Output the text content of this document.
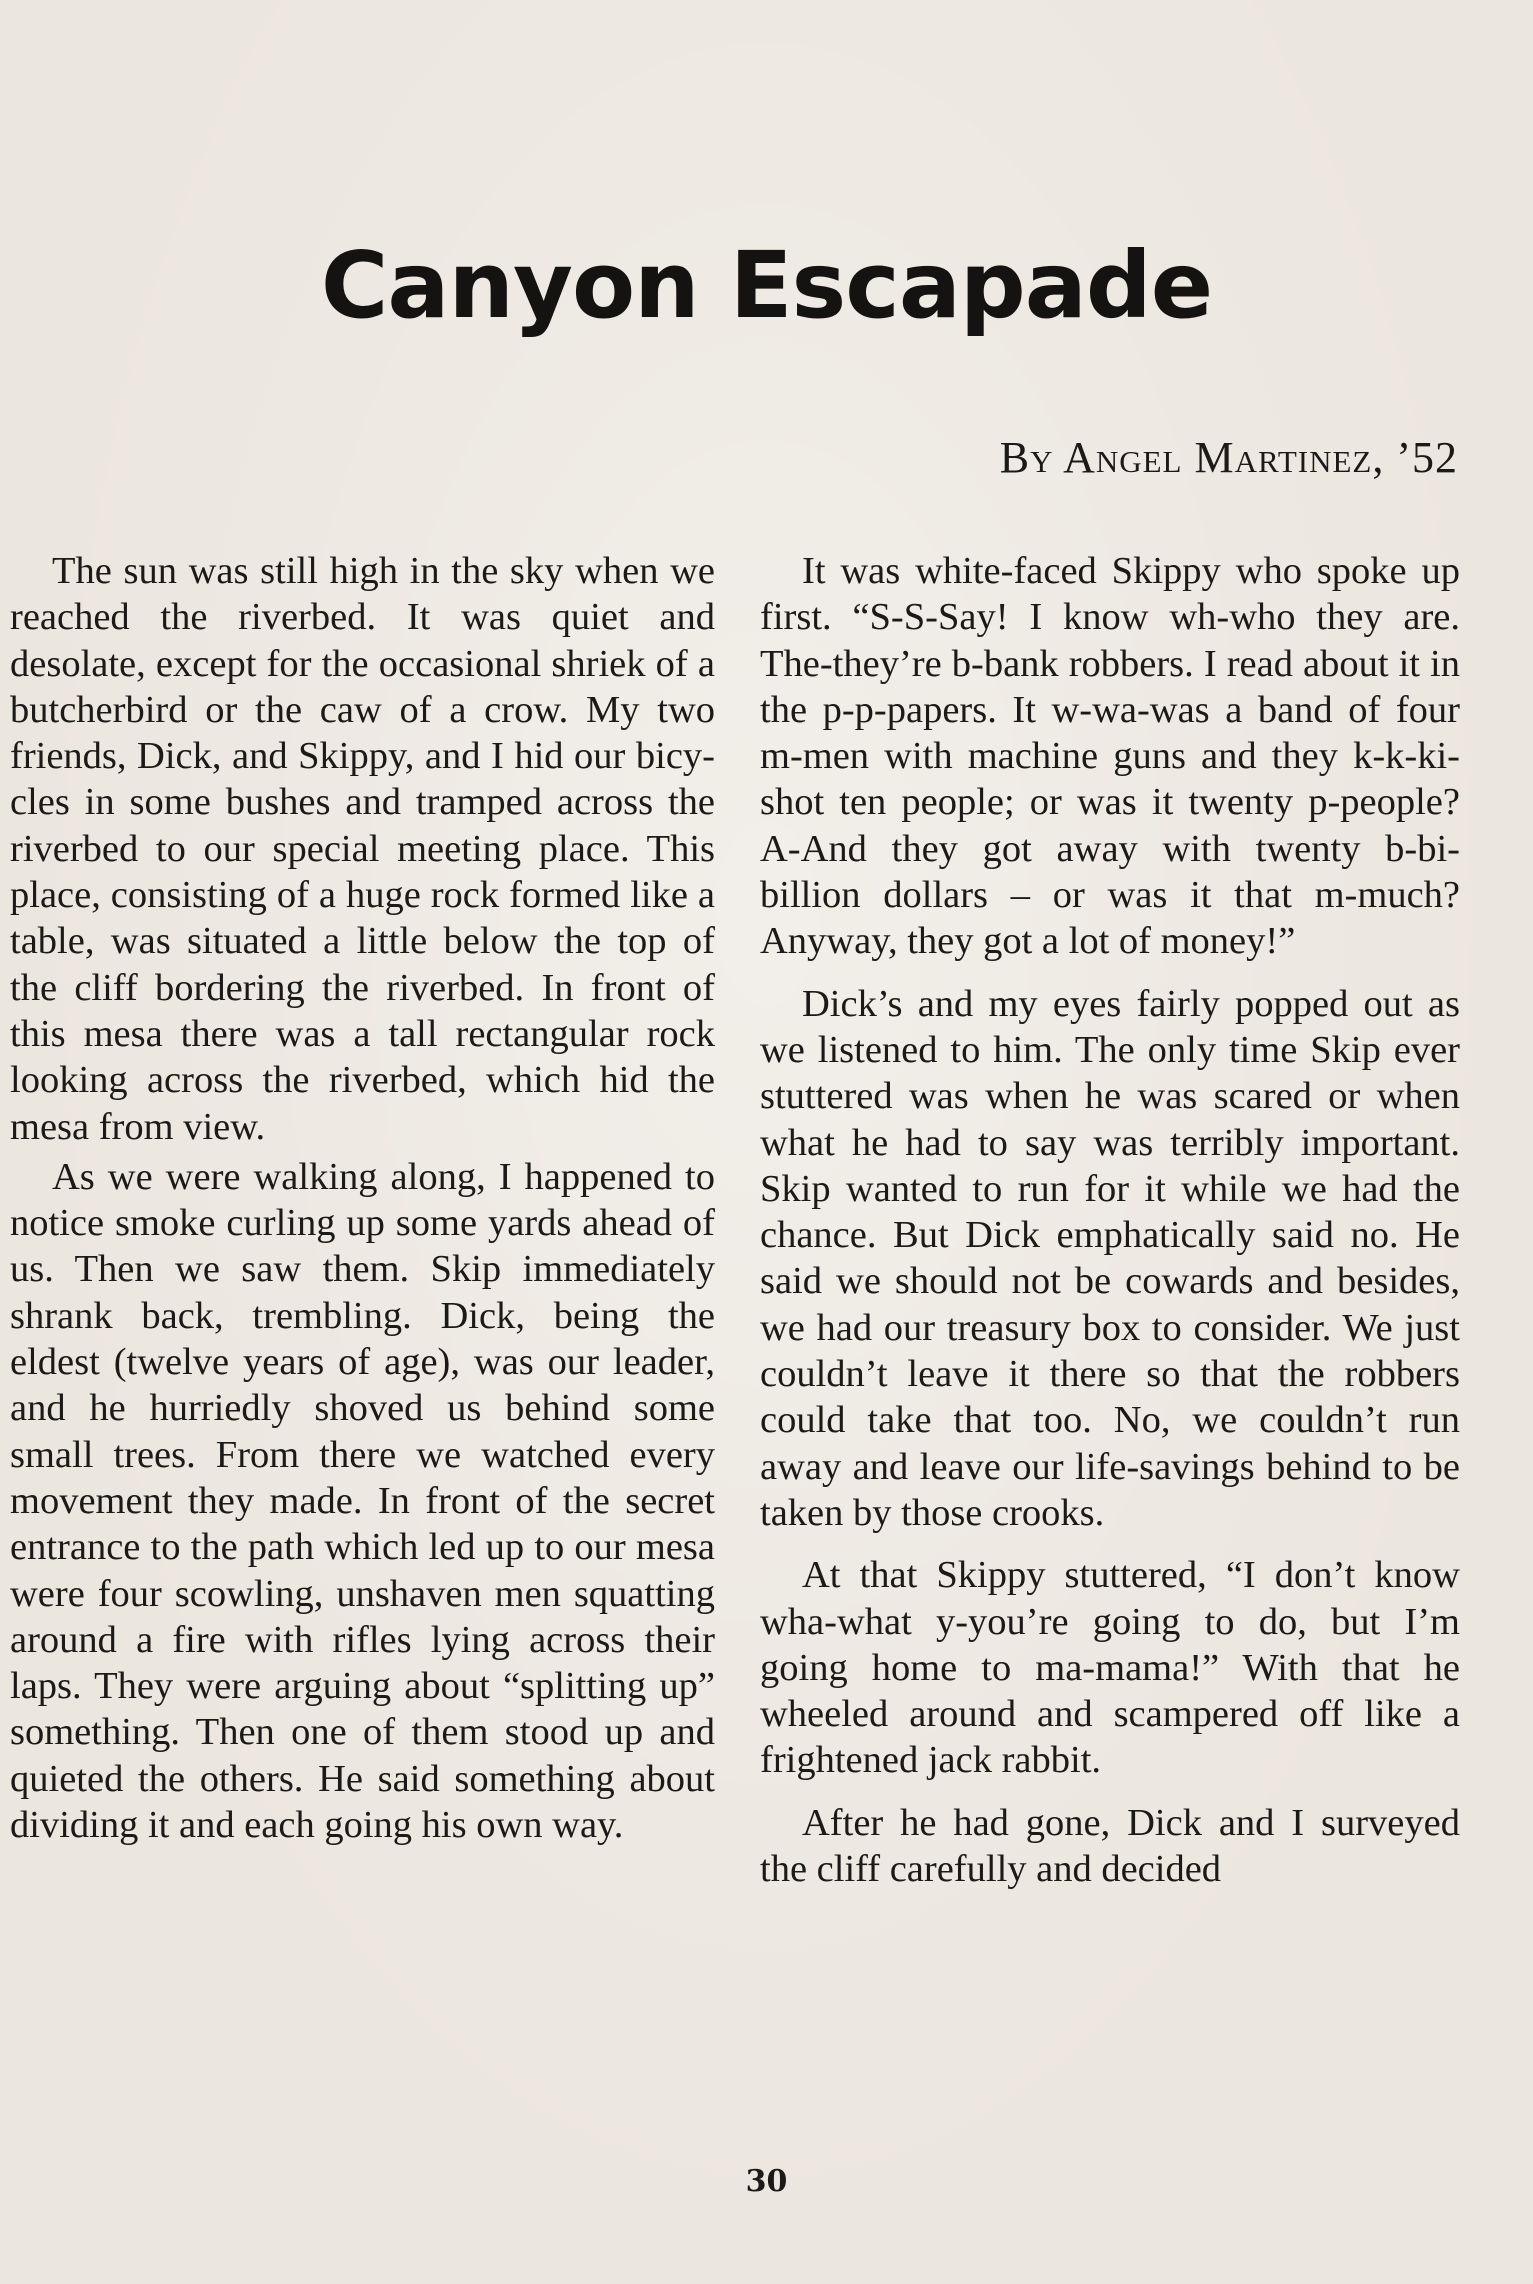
Canyon Escapade
By Angel Martinez, ’52

The sun was still high in the sky when we reached the riverbed. It was quiet and desolate, except for the occasional shriek of a butcherbird or the caw of a crow. My two friends, Dick, and Skippy, and I hid our bicycles in some bushes and tramped across the riverbed to our special meeting place. This place, consisting of a huge rock formed like a table, was situated a little below the top of the cliff bordering the riverbed. In front of this mesa there was a tall rectangular rock looking across the riverbed, which hid the mesa from view.

As we were walking along, I happened to notice smoke curling up some yards ahead of us. Then we saw them. Skip immediately shrank back, trembling. Dick, being the eldest (twelve years of age), was our leader, and he hurriedly shoved us behind some small trees. From there we watched every movement they made. In front of the secret entrance to the path which led up to our mesa were four scowling, unshaven men squatting around a fire with rifles lying across their laps. They were arguing about “splitting up” something. Then one of them stood up and quieted the others. He said something about dividing it and each going his own way.

It was white-faced Skippy who spoke up first. “S-S-Say! I know wh-who they are. The-they’re b-bank robbers. I read about it in the p-p-papers. It w-wa-was a band of four m-men with machine guns and they k-k-ki-shot ten people; or was it twenty p-people? A-And they got away with twenty b-bi-billion dollars – or was it that m-much? Anyway, they got a lot of money!”

Dick’s and my eyes fairly popped out as we listened to him. The only time Skip ever stuttered was when he was scared or when what he had to say was terribly important. Skip wanted to run for it while we had the chance. But Dick emphatically said no. He said we should not be cowards and besides, we had our treasury box to consider. We just couldn’t leave it there so that the robbers could take that too. No, we couldn’t run away and leave our life-savings behind to be taken by those crooks.

At that Skippy stuttered, “I don’t know wha-what y-you’re going to do, but I’m going home to ma-mama!” With that he wheeled around and scampered off like a frightened jack rabbit.

After he had gone, Dick and I surveyed the cliff carefully and decided

30
